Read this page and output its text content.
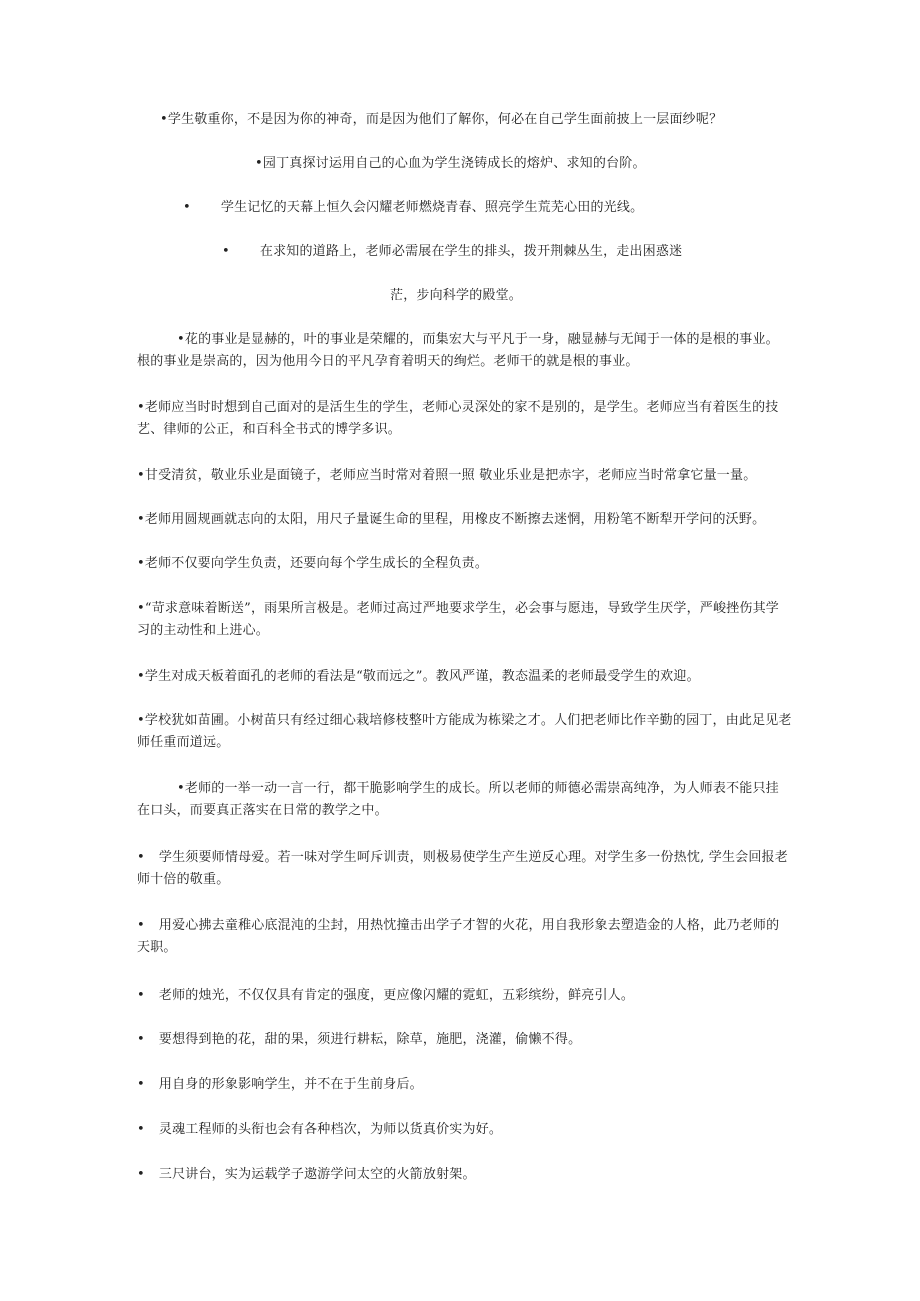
•学生敬重你，不是因为你的神奇，而是因为他们了解你，何必在自己学生面前披上一层面纱呢？
•园丁真探讨运用自己的心血为学生浇铸成长的熔炉、求知的台阶。
• 学生记忆的天幕上恒久会闪耀老师燃烧青春、照亮学生荒芜心田的光线。
• 在求知的道路上，老师必需展在学生的排头，拨开荆棘丛生，走出困惑迷
茫，步向科学的殿堂。
•花的事业是显赫的，叶的事业是荣耀的，而集宏大与平凡于一身，融显赫与无闻于一体的是根的事业。根的事业是崇高的，因为他用今日的平凡孕育着明天的绚烂。老师干的就是根的事业。
•老师应当时时想到自己面对的是活生生的学生，老师心灵深处的家不是别的，是学生。老师应当有着医生的技艺、律师的公正，和百科全书式的博学多识。
•甘受清贫，敬业乐业是面镜子，老师应当时常对着照一照 敬业乐业是把赤字，老师应当时常拿它量一量。
•老师用圆规画就志向的太阳，用尺子量诞生命的里程，用橡皮不断擦去迷惘，用粉笔不断犁开学问的沃野。
•老师不仅要向学生负责，还要向每个学生成长的全程负责。
•“苛求意味着断送”，雨果所言极是。老师过高过严地要求学生，必会事与愿违，导致学生厌学，严峻挫伤其学习的主动性和上进心。
•学生对成天板着面孔的老师的看法是“敬而远之”。教风严谨，教态温柔的老师最受学生的欢迎。
•学校犹如苗圃。小树苗只有经过细心栽培修枝整叶方能成为栋梁之才。人们把老师比作辛勤的园丁，由此足见老师任重而道远。
•老师的一举一动一言一行，都干脆影响学生的成长。所以老师的师德必需崇高纯净，为人师表不能只挂在口头，而要真正落实在日常的教学之中。
• 学生须要师情母爱。若一味对学生呵斥训责，则极易使学生产生逆反心理。对学生多一份热忱, 学生会回报老师十倍的敬重。
• 用爱心拂去童稚心底混沌的尘封，用热忱撞击出学子才智的火花，用自我形象去塑造金的人格，此乃老师的天职。
• 老师的烛光，不仅仅具有肯定的强度，更应像闪耀的霓虹，五彩缤纷，鲜亮引人。
• 要想得到艳的花，甜的果，须进行耕耘，除草，施肥，浇灌，偷懒不得。
• 用自身的形象影响学生，并不在于生前身后。
• 灵魂工程师的头衔也会有各种档次，为师以货真价实为好。
• 三尺讲台，实为运载学子遨游学问太空的火箭放射架。
